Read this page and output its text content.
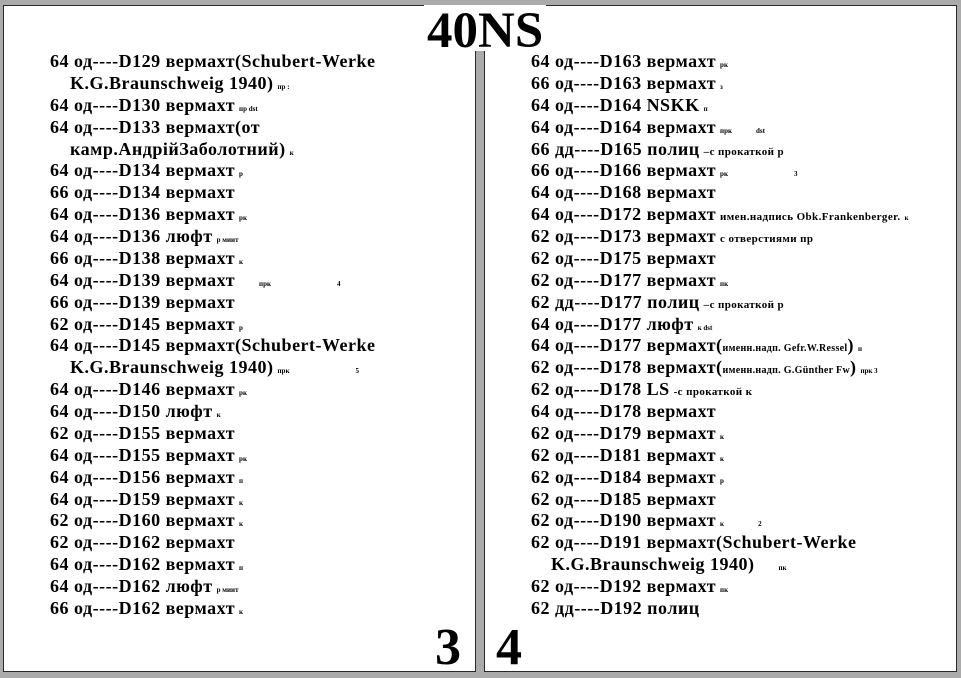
64 од----D129 вермахт(Schubert-Werke
K.G.Braunschweig 1940) пр :
64 од----D130 вермахт пр dst
64 од----D133 вермахт(от
камр.АндрійЗаболотний) к
64 од----D134 вермахт р
66 од----D134 вермахт
64 од----D136 вермахт рк
64 од----D136 люфт р миит
66 од----D138 вермахт к
64 од----D139 вермахт	прк	4
66 од----D139 вермахт
62 од----D145 вермахт р
64 од----D145 вермахт(Schubert-Werke
K.G.Braunschweig 1940) прк	5
64 од----D146 вермахт рк
64 од----D150 люфт к
62 од----D155 вермахт
64 од----D155 вермахт рк
64 од----D156 вермахт п
64 од----D159 вермахт к
62 од----D160 вермахт к
62 од----D162 вермахт
64 од----D162 вермахт п
64 од----D162 люфт р миит
66 од----D162 вермахт к
3
64 од----D163 вермахт рк
66 од----D163 вермахт з
64 од----D164 NSKK п
64 од----D164 вермахт прк	dst
66 дд----D165 полиц –с прокаткой р
66 од----D166 вермахт рк	3
64 од----D168 вермахт
64 од----D172 вермахт имен.надпись Obk.Frankenberger. к
62 од----D173 вермахт с отверстиями пр
62 од----D175 вермахт
62 од----D177 вермахт пк
62 дд----D177 полиц –с прокаткой р
64 од----D177 люфт к dst
64 од----D177 вермахт(именн.надп. Gefr.W.Ressel) п
62 од----D178 вермахт(именн.надп. G.Günther Fw) прк 3
62 од----D178 LS -с прокаткой к
64 од----D178 вермахт
62 од----D179 вермахт к
62 од----D181 вермахт к
62 од----D184 вермахт р
62 од----D185 вермахт
62 од----D190 вермахт к	2
62 од----D191 вермахт(Schubert-Werke
K.G.Braunschweig 1940)	пк
62 од----D192 вермахт пк
62 дд----D192 полиц
4
40NS
